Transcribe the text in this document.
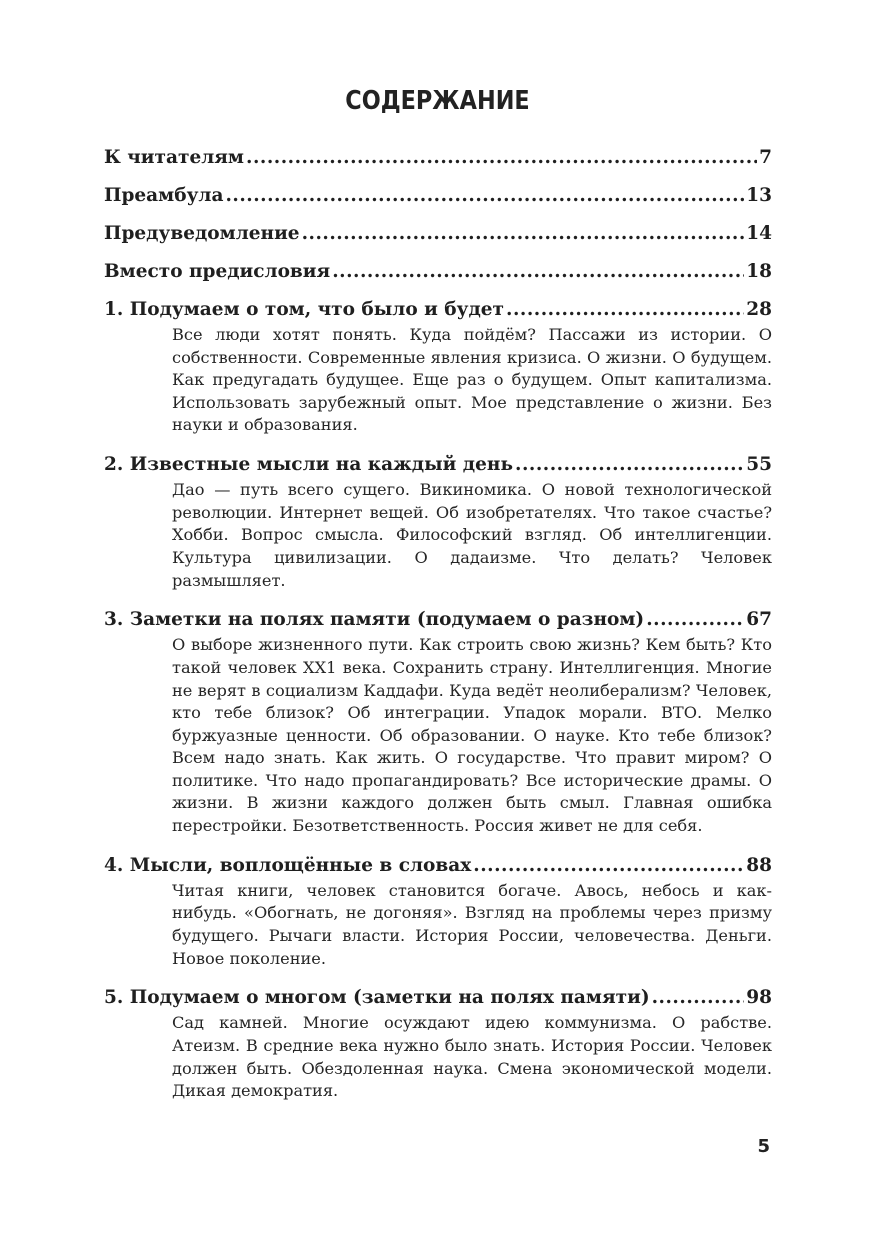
СОДЕРЖАНИЕ
К читателям .....	7
Преамбула .....	13
Предуведомление .....	14
Вместо предисловия .....	18
1. Подумаем о том, что было и будет .....	28

Все люди хотят понять. Куда пойдём? Пассажи из истории. О собственности. Современные явления кризиса. О жизни. О будущем. Как предугадать будущее. Еще раз о будущем. Опыт капитализма. Использовать зарубежный опыт. Мое представление о жизни. Без науки и образования.

2. Известные мысли на каждый день .....	55

Дао — путь всего сущего. Викиномика. О новой технологической революции. Интернет вещей. Об изобретателях. Что такое счастье? Хобби. Вопрос смысла. Философский взгляд. Об интеллигенции. Культура цивилизации. О дадаизме. Что делать? Человек размышляет.

3. Заметки на полях памяти (подумаем о разном) .....	67

О выборе жизненного пути. Как строить свою жизнь? Кем быть? Кто такой человек ХХ1 века. Сохранить страну. Интеллигенция. Многие не верят в социализм Каддафи. Куда ведёт неолиберализм? Человек, кто тебе близок? Об интеграции. Упадок морали. ВТО. Мелко буржуазные ценности. Об образовании. О науке. Кто тебе близок? Всем надо знать. Как жить. О государстве. Что правит миром? О политике. Что надо пропагандировать? Все исторические драмы. О жизни. В жизни каждого должен быть смыл. Главная ошибка перестройки. Безответственность. Россия живет не для себя.

4. Мысли, воплощённые в словах .....	88

Читая книги, человек становится богаче. Авось, небось и как-нибудь. «Обогнать, не догоняя». Взгляд на проблемы через призму будущего. Рычаги власти. История России, человечества. Деньги. Новое поколение.

5. Подумаем о многом (заметки на полях памяти) .....	98

Сад камней. Многие осуждают идею коммунизма. О рабстве. Атеизм. В средние века нужно было знать. История России. Человек должен быть. Обездоленная наука. Смена экономической модели. Дикая демократия.

5
